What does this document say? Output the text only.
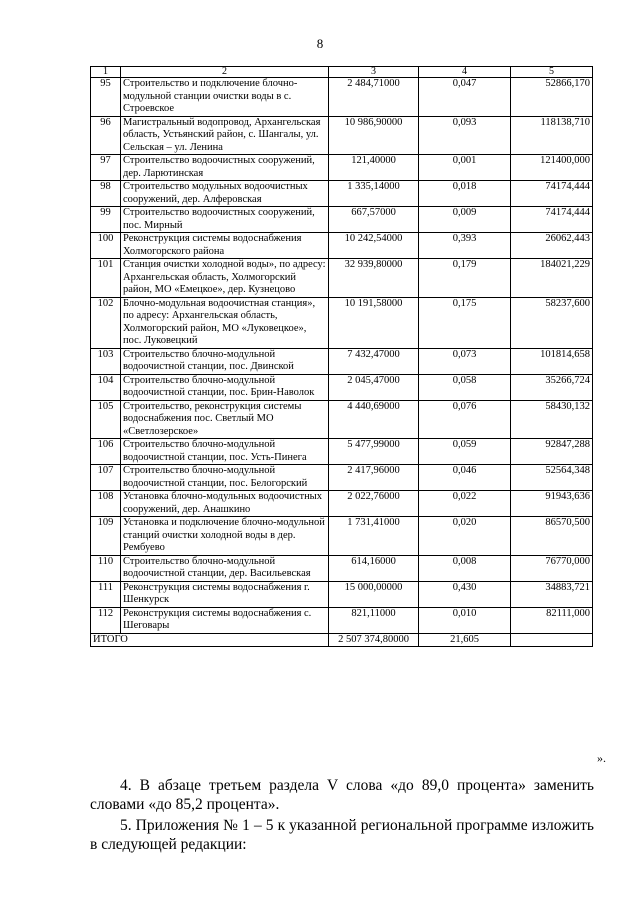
8
1	2	3	4	5
95	Строительство и подключение блочно-модульной станции очистки воды в с. Строевское	2 484,71000	0,047	52866,170
96	Магистральный водопровод, Архангельская область, Устьянский район, с. Шангалы, ул. Сельская – ул. Ленина	10 986,90000	0,093	118138,710
97	Строительство водоочистных сооружений, дер. Ларютинская	121,40000	0,001	121400,000
98	Строительство модульных водоочистных сооружений, дер. Алферовская	1 335,14000	0,018	74174,444
99	Строительство водоочистных сооружений, пос. Мирный	667,57000	0,009	74174,444
100	Реконструкция системы водоснабжения Холмогорского района	10 242,54000	0,393	26062,443
101	Станция очистки холодной воды», по адресу: Архангельская область, Холмогорский район, МО «Емецкое», дер. Кузнецово	32 939,80000	0,179	184021,229
102	Блочно-модульная водоочистная станция», по адресу: Архангельская область, Холмогорский район, МО «Луковецкое», пос. Луковецкий	10 191,58000	0,175	58237,600
103	Строительство блочно-модульной водоочистной станции, пос. Двинской	7 432,47000	0,073	101814,658
104	Строительство блочно-модульной водоочистной станции, пос. Брин-Наволок	2 045,47000	0,058	35266,724
105	Строительство, реконструкция системы водоснабжения пос. Светлый МО «Светлозерское»	4 440,69000	0,076	58430,132
106	Строительство блочно-модульной водоочистной станции, пос. Усть-Пинега	5 477,99000	0,059	92847,288
107	Строительство блочно-модульной водоочистной станции, пос. Белогорский	2 417,96000	0,046	52564,348
108	Установка блочно-модульных водоочистных сооружений, дер. Анашкино	2 022,76000	0,022	91943,636
109	Установка и подключение блочно-модульной станций очистки холодной воды в дер. Рембуево	1 731,41000	0,020	86570,500
110	Строительство блочно-модульной водоочистной станции, дер. Васильевская	614,16000	0,008	76770,000
111	Реконструкция системы водоснабжения г. Шенкурск	15 000,00000	0,430	34883,721
112	Реконструкция системы водоснабжения с. Шеговары	821,11000	0,010	82111,000
ИТОГО		2 507 374,80000	21,605	
».
4. В абзаце третьем раздела V слова «до 89,0 процента» заменить словами «до 85,2 процента».
5. Приложения № 1 – 5 к указанной региональной программе изложить в следующей редакции:
